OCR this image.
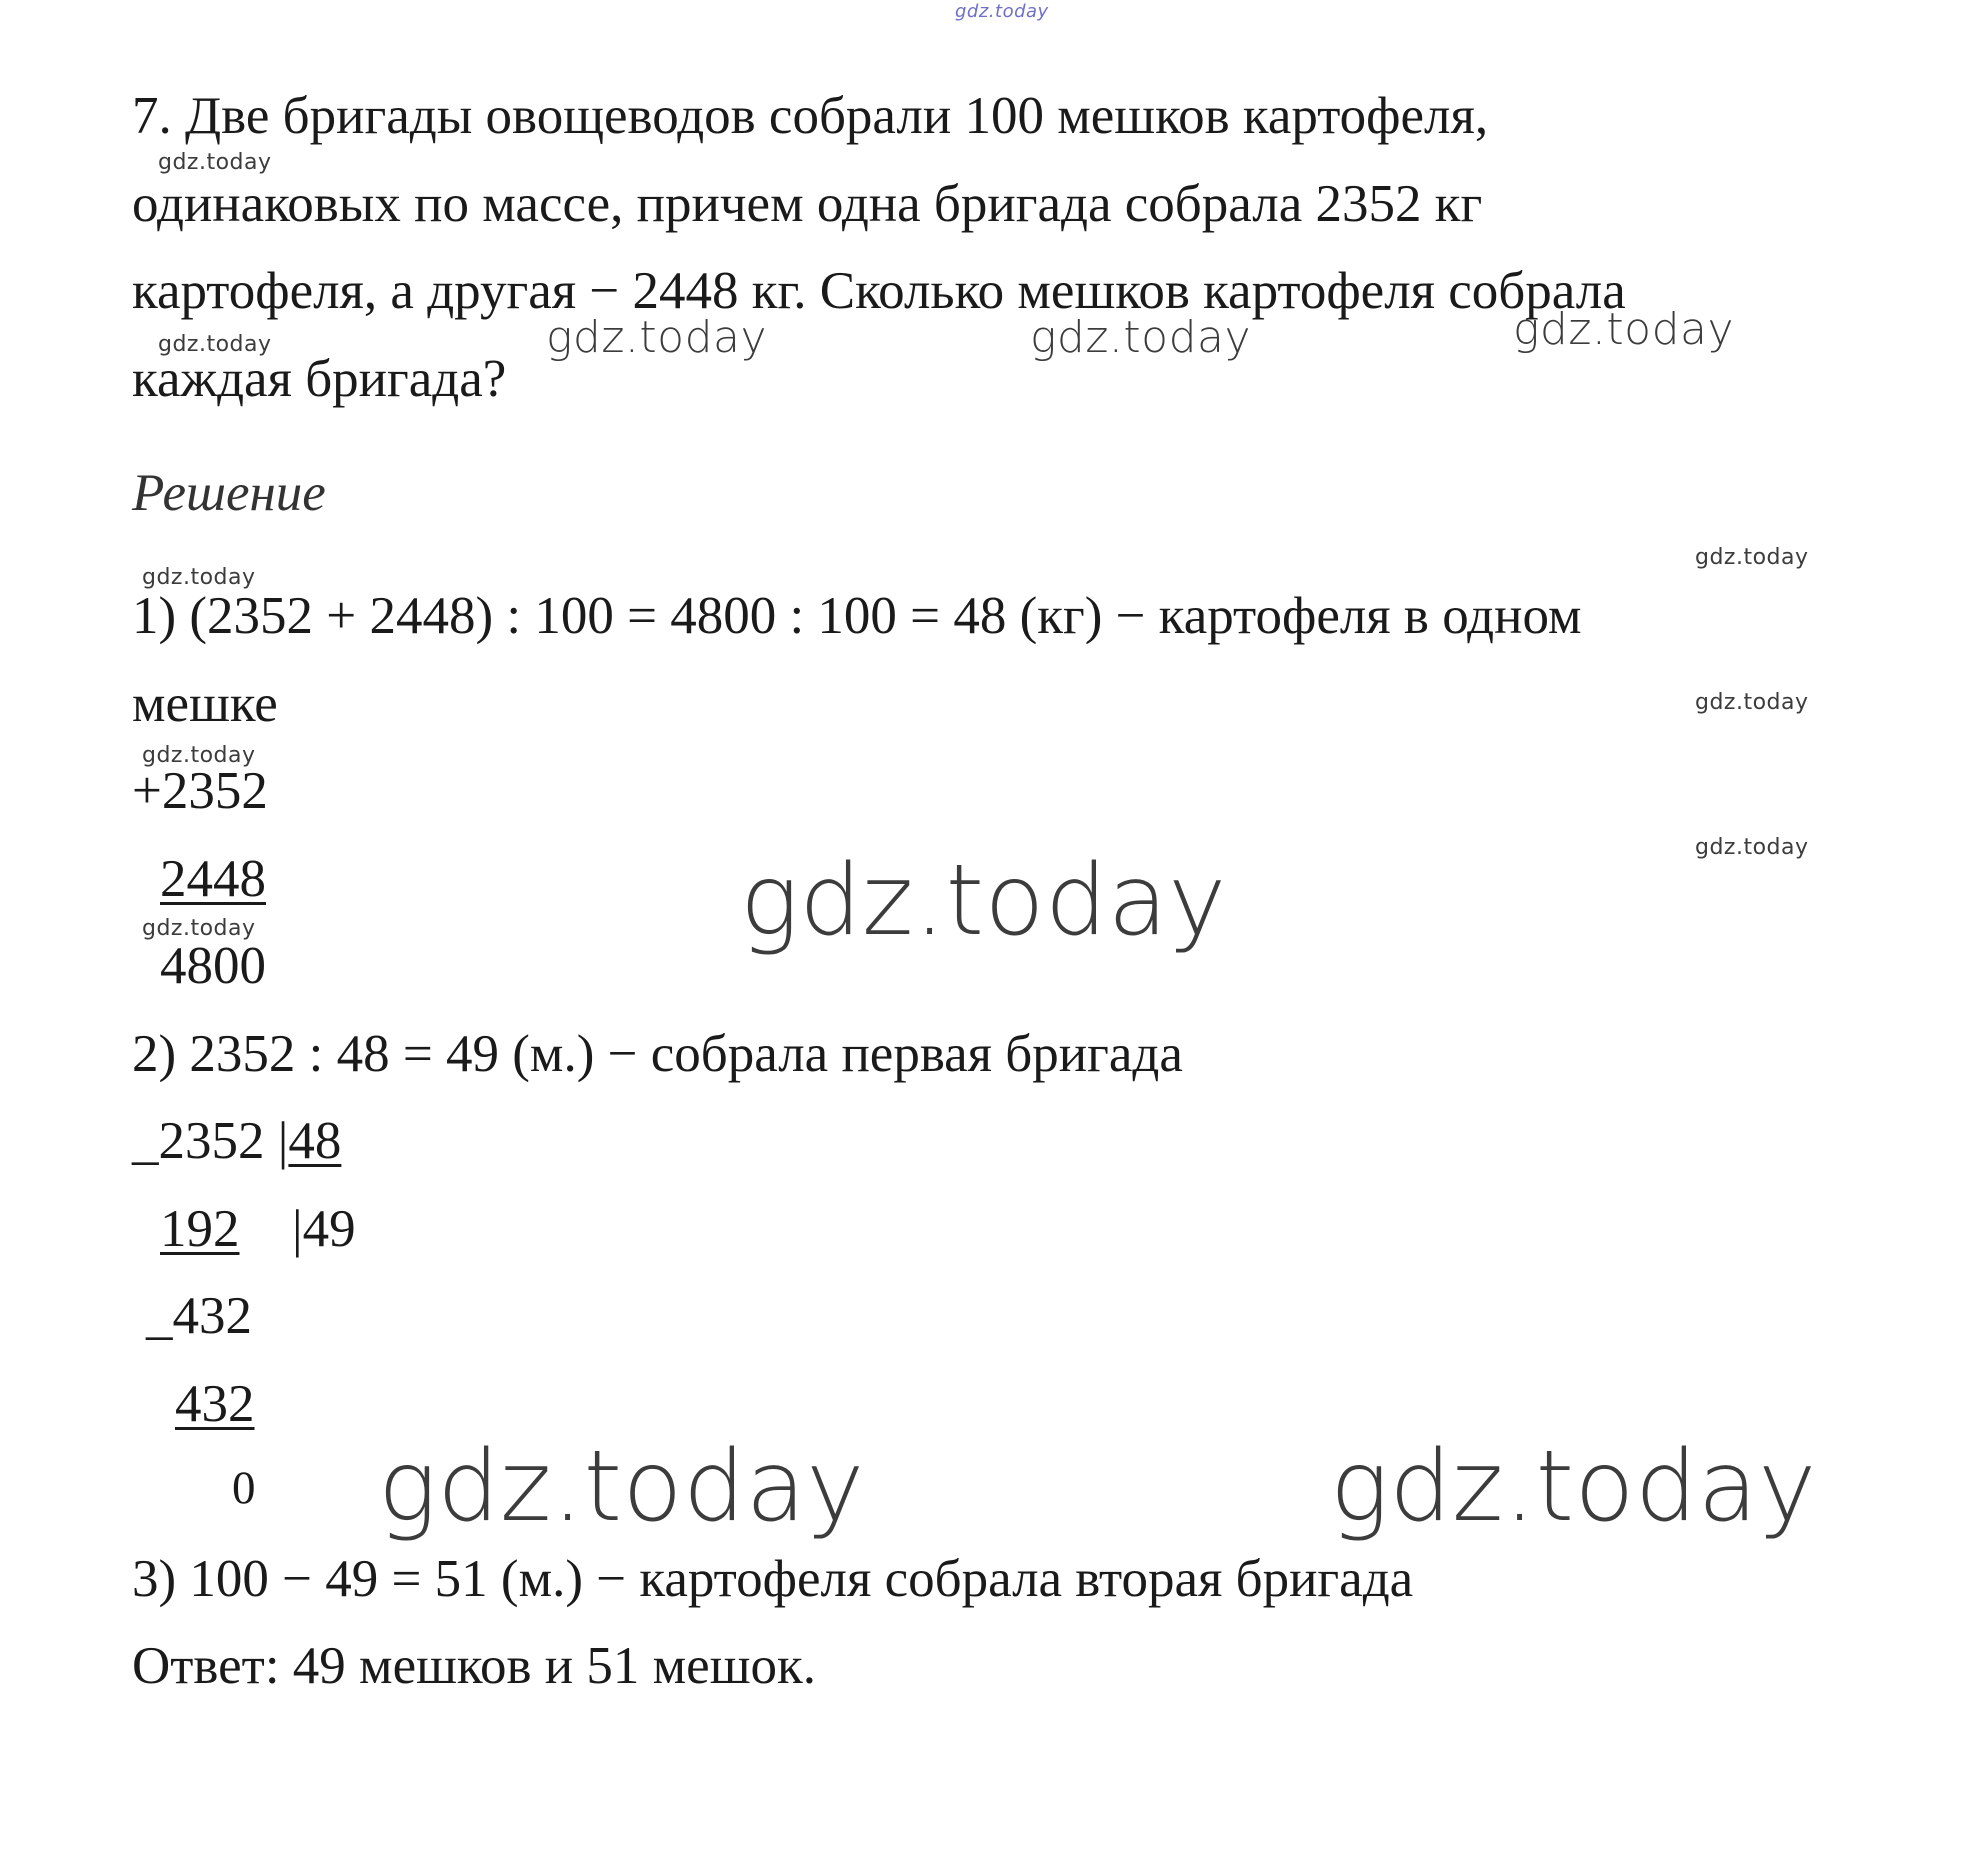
gdz.today
7. Две бригады овощеводов собрали 100 мешков картофеля,
одинаковых по массе, причем одна бригада собрала 2352 кг
картофеля, а другая − 2448 кг. Сколько мешков картофеля собрала
каждая бригада?
Решение
1) (2352 + 2448) : 100 = 4800 : 100 = 48 (кг) − картофеля в одном
мешке
+2352
2448
4800
2) 2352 : 48 = 49 (м.) − собрала первая бригада
_2352 |48
192 |49
_432
432
0
3) 100 − 49 = 51 (м.) − картофеля собрала вторая бригада
Ответ: 49 мешков и 51 мешок.
gdz.today
gdz.today
gdz.today
gdz.today
gdz.today
gdz.today
gdz.today
gdz.today
gdz.today	gdz.today	gdz.today
gdz.today
gdz.today	gdz.today
